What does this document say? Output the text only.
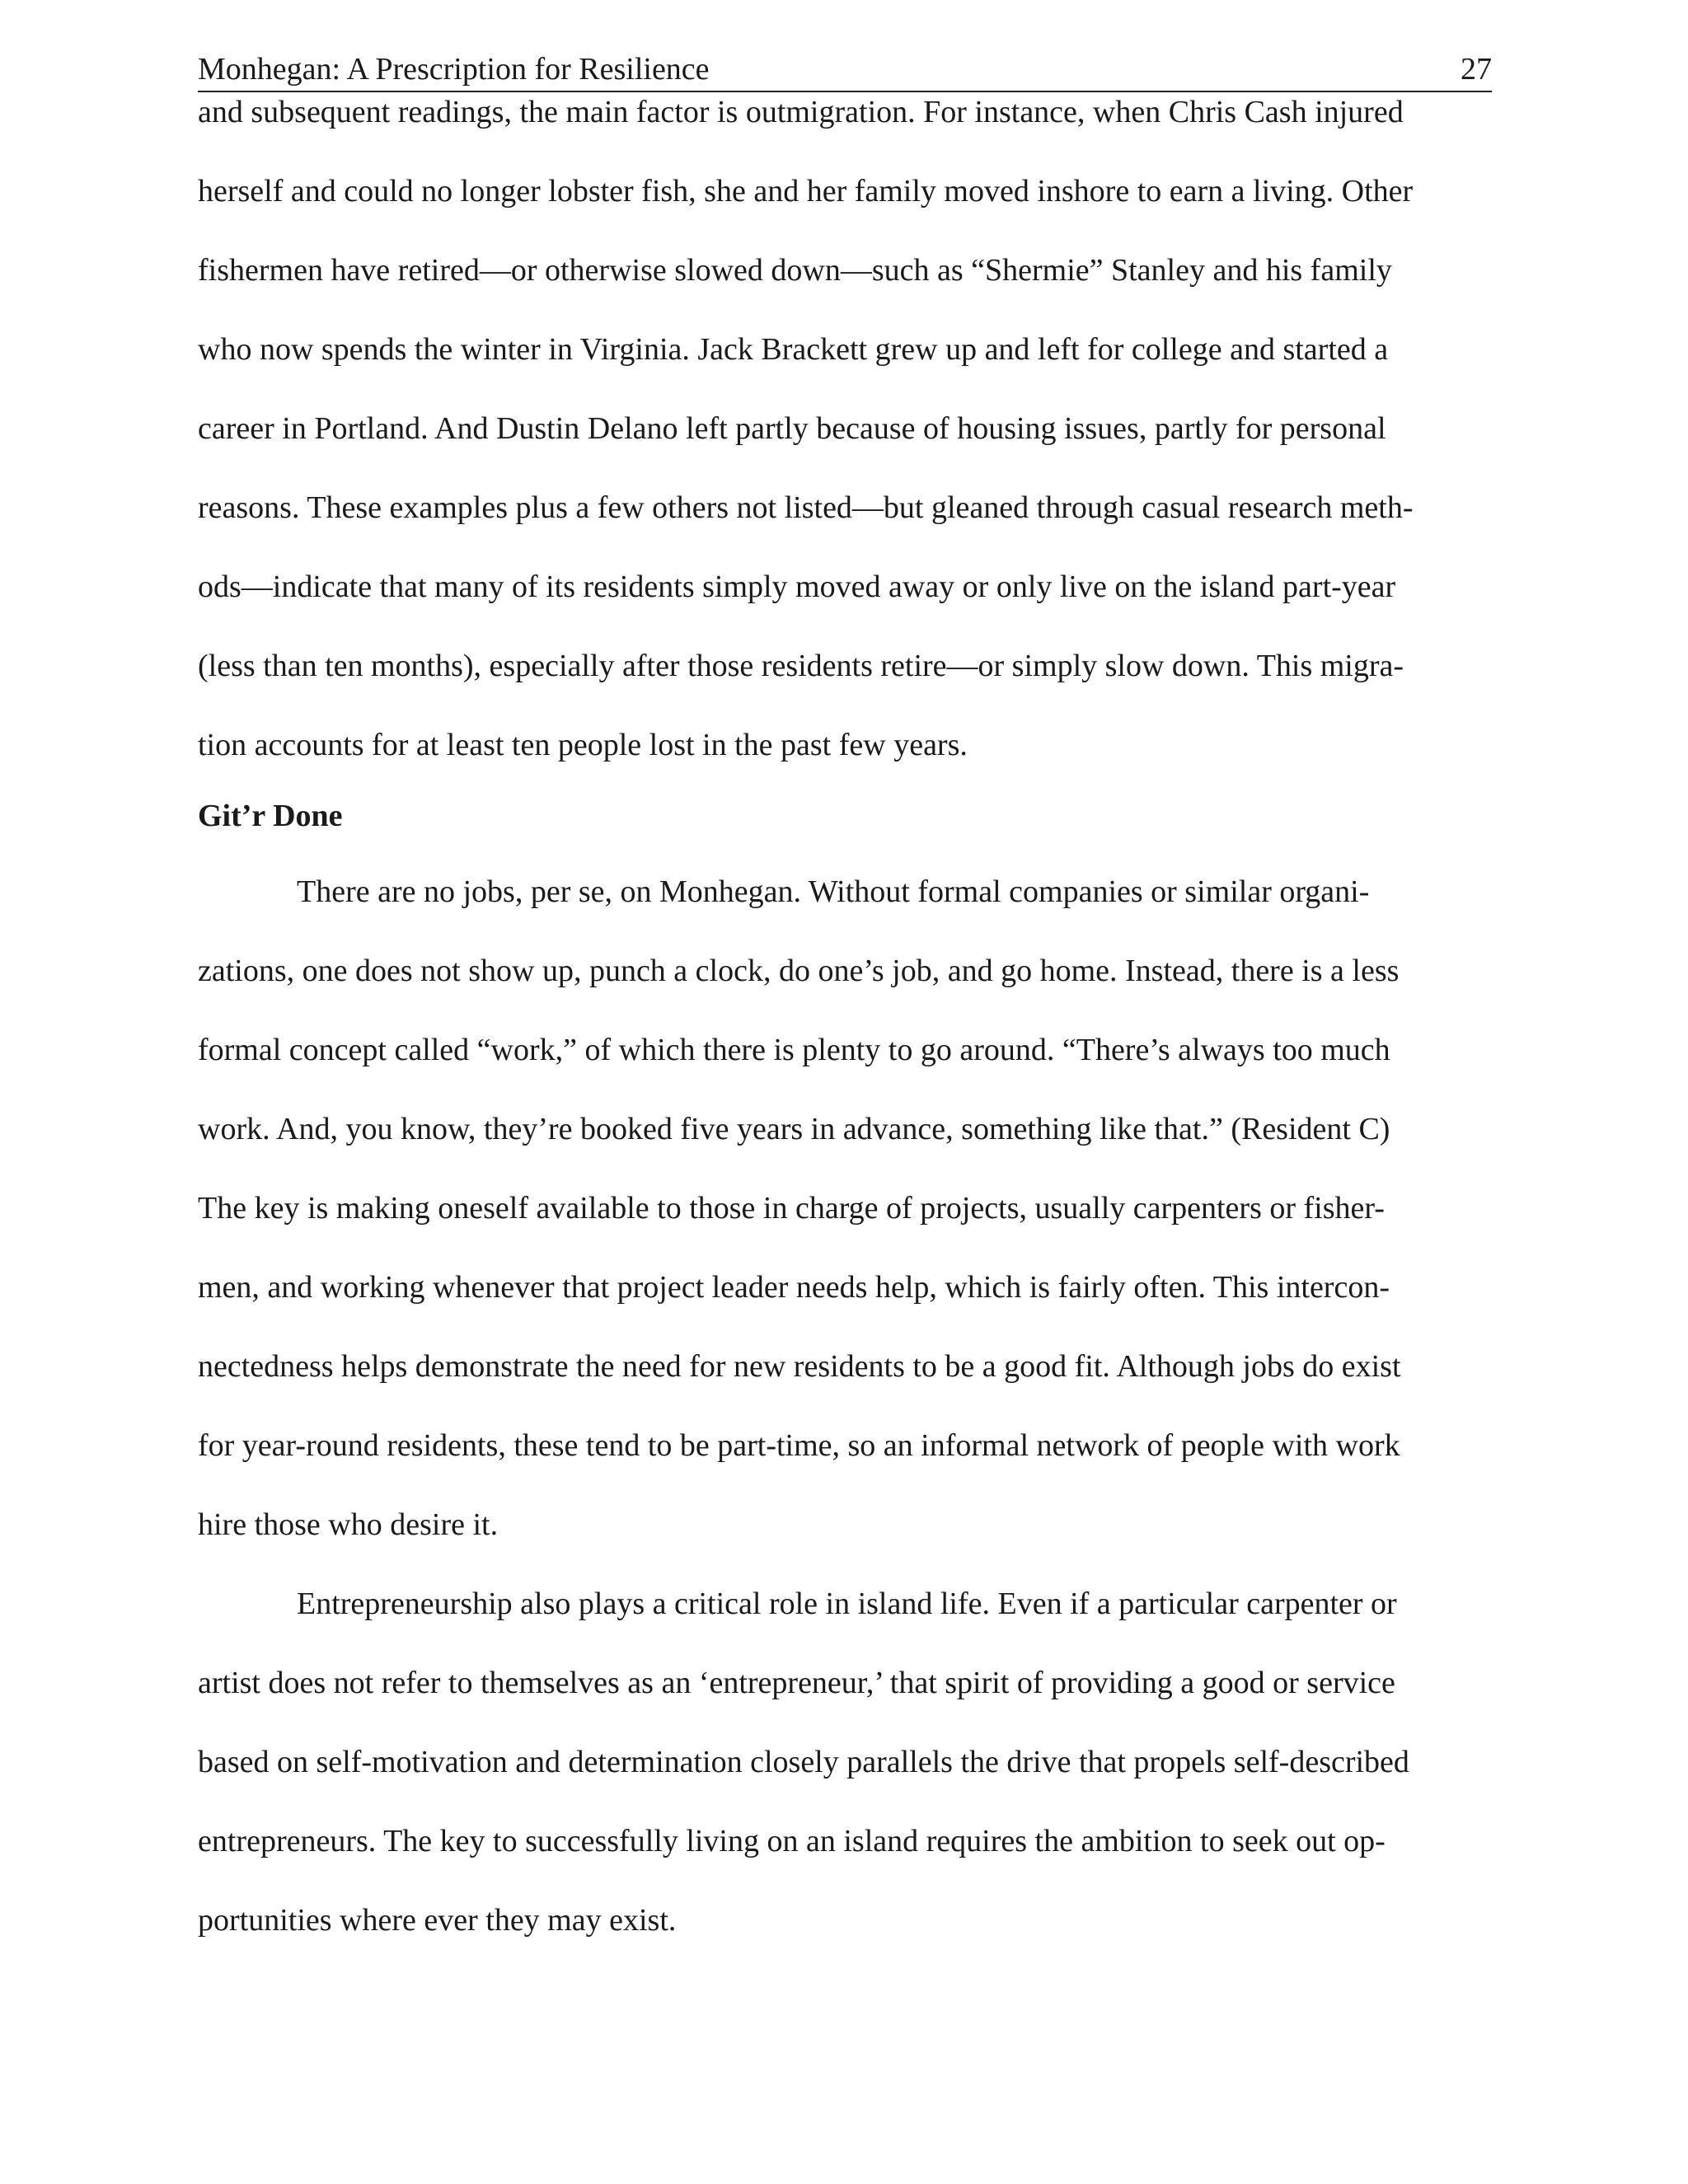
Monhegan: A Prescription for Resilience	27
and subsequent readings, the main factor is outmigration. For instance, when Chris Cash injured
herself and could no longer lobster fish, she and her family moved inshore to earn a living. Other
fishermen have retired—or otherwise slowed down—such as “Shermie” Stanley and his family
who now spends the winter in Virginia. Jack Brackett grew up and left for college and started a
career in Portland. And Dustin Delano left partly because of housing issues, partly for personal
reasons. These examples plus a few others not listed—but gleaned through casual research meth-
ods—indicate that many of its residents simply moved away or only live on the island part-year
(less than ten months), especially after those residents retire—or simply slow down. This migra-
tion accounts for at least ten people lost in the past few years.
Git’r Done
There are no jobs, per se, on Monhegan. Without formal companies or similar organi-
zations, one does not show up, punch a clock, do one’s job, and go home. Instead, there is a less
formal concept called “work,” of which there is plenty to go around. “There’s always too much
work. And, you know, they’re booked five years in advance, something like that.” (Resident C)
The key is making oneself available to those in charge of projects, usually carpenters or fisher-
men, and working whenever that project leader needs help, which is fairly often. This intercon-
nectedness helps demonstrate the need for new residents to be a good fit. Although jobs do exist
for year-round residents, these tend to be part-time, so an informal network of people with work
hire those who desire it.
Entrepreneurship also plays a critical role in island life. Even if a particular carpenter or
artist does not refer to themselves as an ‘entrepreneur,’ that spirit of providing a good or service
based on self-motivation and determination closely parallels the drive that propels self-described
entrepreneurs. The key to successfully living on an island requires the ambition to seek out op-
portunities where ever they may exist.
